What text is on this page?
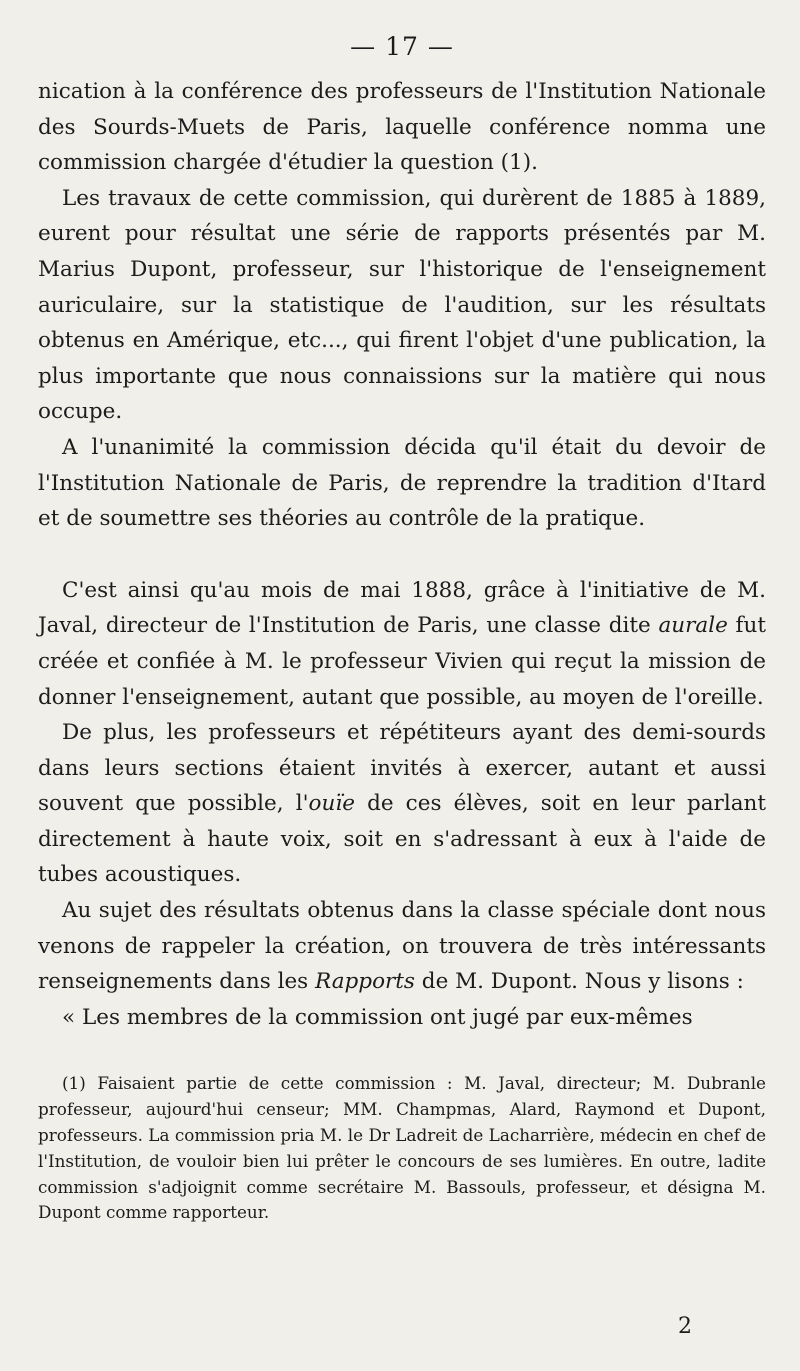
— 17 —

nication à la conférence des professeurs de l'Institution Nationale des Sourds-Muets de Paris, laquelle conférence nomma une commission chargée d'étudier la question (1).

Les travaux de cette commission, qui durèrent de 1885 à 1889, eurent pour résultat une série de rapports présentés par M. Marius Dupont, professeur, sur l'historique de l'enseignement auriculaire, sur la statistique de l'audition, sur les résultats obtenus en Amérique, etc..., qui firent l'objet d'une publication, la plus importante que nous connaissions sur la matière qui nous occupe.

A l'unanimité la commission décida qu'il était du devoir de l'Institution Nationale de Paris, de reprendre la tradition d'Itard et de soumettre ses théories au contrôle de la pratique.

C'est ainsi qu'au mois de mai 1888, grâce à l'initiative de M. Javal, directeur de l'Institution de Paris, une classe dite aurale fut créée et confiée à M. le professeur Vivien qui reçut la mission de donner l'enseignement, autant que possible, au moyen de l'oreille.

De plus, les professeurs et répétiteurs ayant des demi-sourds dans leurs sections étaient invités à exercer, autant et aussi souvent que possible, l'ouïe de ces élèves, soit en leur parlant directement à haute voix, soit en s'adressant à eux à l'aide de tubes acoustiques.

Au sujet des résultats obtenus dans la classe spéciale dont nous venons de rappeler la création, on trouvera de très intéressants renseignements dans les Rapports de M. Dupont. Nous y lisons :

« Les membres de la commission ont jugé par eux-mêmes

(1) Faisaient partie de cette commission : M. Javal, directeur; M. Dubranle professeur, aujourd'hui censeur; MM. Champmas, Alard, Raymond et Dupont, professeurs. La commission pria M. le Dr Ladreit de Lacharrière, médecin en chef de l'Institution, de vouloir bien lui prêter le concours de ses lumières. En outre, ladite commission s'adjoignit comme secrétaire M. Bassouls, professeur, et désigna M. Dupont comme rapporteur.

2
